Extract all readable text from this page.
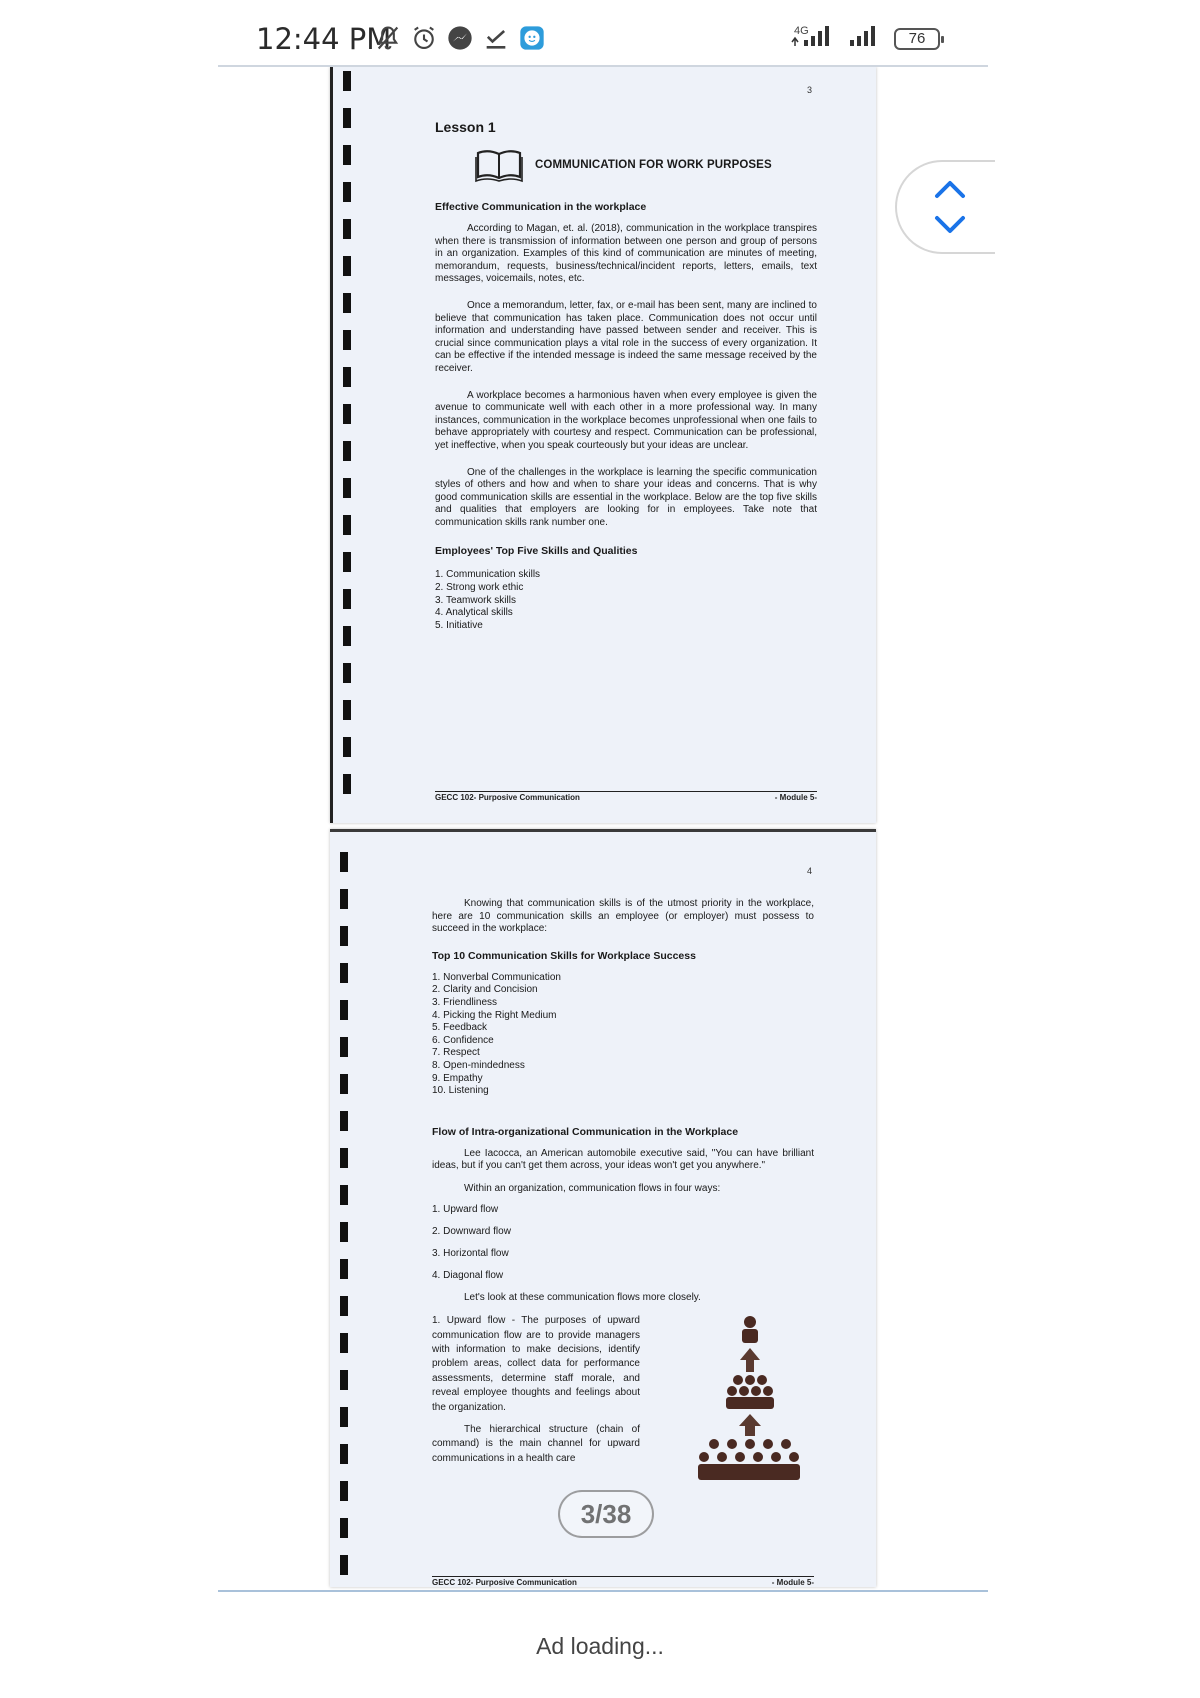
12:44 PM	4G	76
3
Lesson 1
COMMUNICATION FOR WORK PURPOSES
Effective Communication in the workplace

According to Magan, et. al. (2018), communication in the workplace transpires when there is transmission of information between one person and group of persons in an organization. Examples of this kind of communication are minutes of meeting, memorandum, requests, business/technical/incident reports, letters, emails, text messages, voicemails, notes, etc.

Once a memorandum, letter, fax, or e-mail has been sent, many are inclined to believe that communication has taken place. Communication does not occur until information and understanding have passed between sender and receiver. This is crucial since communication plays a vital role in the success of every organization. It can be effective if the intended message is indeed the same message received by the receiver.

A workplace becomes a harmonious haven when every employee is given the avenue to communicate well with each other in a more professional way. In many instances, communication in the workplace becomes unprofessional when one fails to behave appropriately with courtesy and respect. Communication can be professional, yet ineffective, when you speak courteously but your ideas are unclear.

One of the challenges in the workplace is learning the specific communication styles of others and how and when to share your ideas and concerns. That is why good communication skills are essential in the workplace. Below are the top five skills and qualities that employers are looking for in employees. Take note that communication skills rank number one.

Employees' Top Five Skills and Qualities
1. Communication skills
2. Strong work ethic
3. Teamwork skills
4. Analytical skills
5. Initiative
GECC 102- Purposive Communication	- Module 5-
4

Knowing that communication skills is of the utmost priority in the workplace, here are 10 communication skills an employee (or employer) must possess to succeed in the workplace:

Top 10 Communication Skills for Workplace Success
1. Nonverbal Communication
2. Clarity and Concision
3. Friendliness
4. Picking the Right Medium
5. Feedback
6. Confidence
7. Respect
8. Open-mindedness
9. Empathy
10. Listening
Flow of Intra-organizational Communication in the Workplace

Lee Iacocca, an American automobile executive said, "You can have brilliant ideas, but if you can't get them across, your ideas won't get you anywhere."

Within an organization, communication flows in four ways:

1. Upward flow
2. Downward flow
3. Horizontal flow
4. Diagonal flow

Let's look at these communication flows more closely.

1. Upward flow - The purposes of upward communication flow are to provide managers with information to make decisions, identify problem areas, collect data for performance assessments, determine staff morale, and reveal employee thoughts and feelings about the organization.

The hierarchical structure (chain of command) is the main channel for upward communications in a health care

GECC 102- Purposive Communication	- Module 5-
3/38
Ad loading...
